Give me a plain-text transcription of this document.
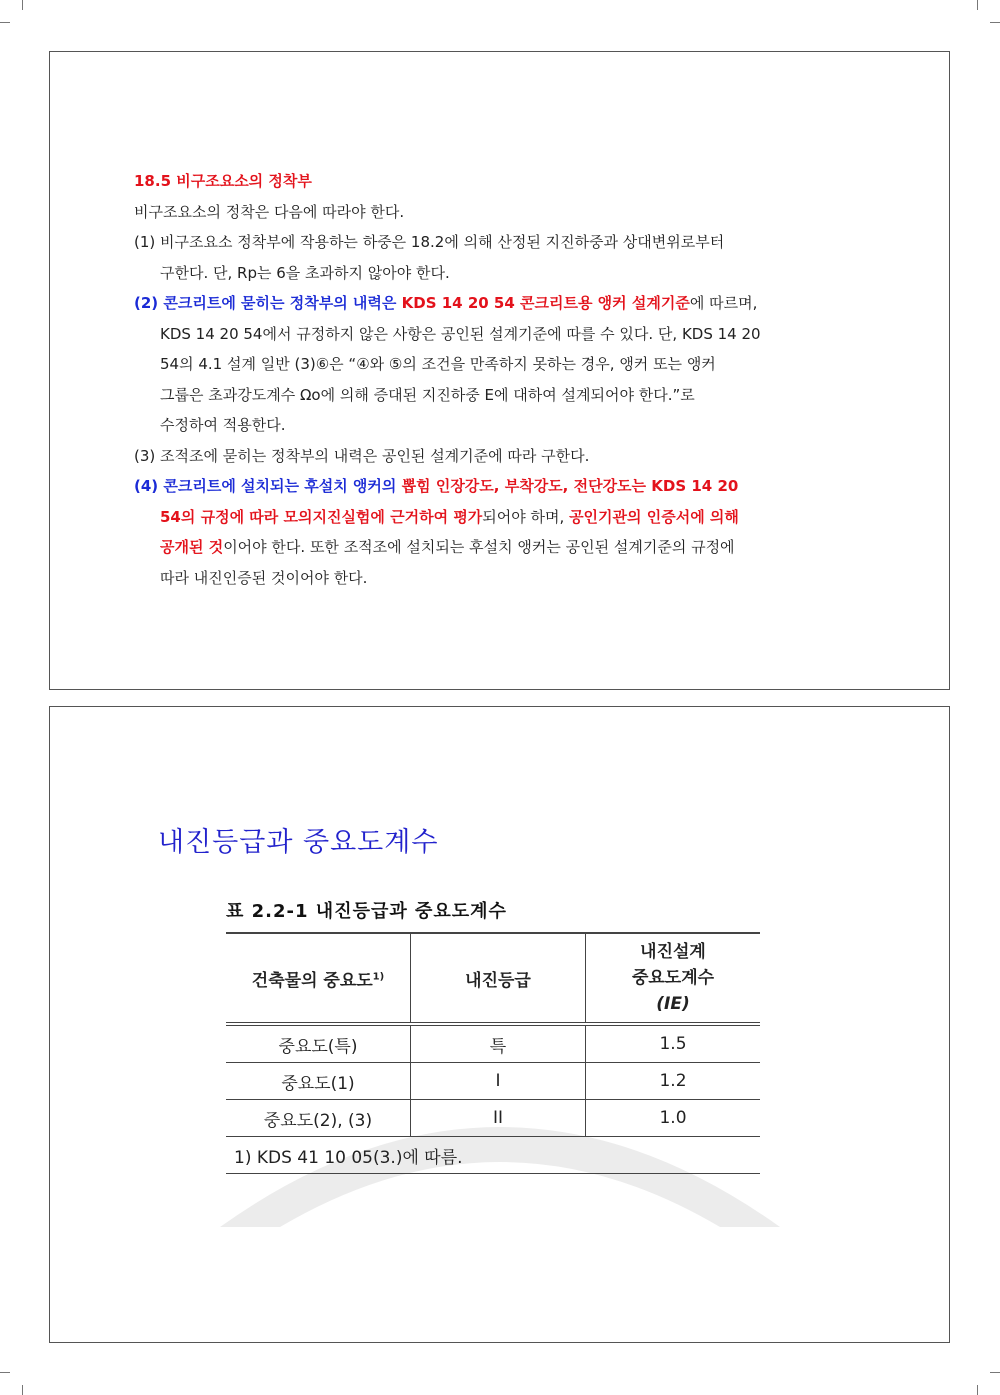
18.5 비구조요소의 정착부

비구조요소의 정착은 다음에 따라야 한다.

(1) 비구조요소 정착부에 작용하는 하중은 18.2에 의해 산정된 지진하중과 상대변위로부터

구한다. 단, Rp는 6을 초과하지 않아야 한다.

(2) 콘크리트에 묻히는 정착부의 내력은 KDS 14 20 54 콘크리트용 앵커 설계기준에 따르며,

KDS 14 20 54에서 규정하지 않은 사항은 공인된 설계기준에 따를 수 있다. 단, KDS 14 20

54의 4.1 설계 일반 (3)⑥은 “④와 ⑤의 조건을 만족하지 못하는 경우, 앵커 또는 앵커

그룹은 초과강도계수 Ωo에 의해 증대된 지진하중 E에 대하여 설계되어야 한다.”로

수정하여 적용한다.

(3) 조적조에 묻히는 정착부의 내력은 공인된 설계기준에 따라 구한다.

(4) 콘크리트에 설치되는 후설치 앵커의 뽑힘 인장강도, 부착강도, 전단강도는 KDS 14 20

54의 규정에 따라 모의지진실험에 근거하여 평가되어야 하며, 공인기관의 인증서에 의해

공개된 것이어야 한다. 또한 조적조에 설치되는 후설치 앵커는 공인된 설계기준의 규정에

따라 내진인증된 것이어야 한다.

내진등급과 중요도계수
표 2.2-1 내진등급과 중요도계수
건축물의 중요도$^{1)}$	내진등급	내진설계
중요도계수
(IE)

중요도(특)	특	1.5
중요도(1)	I	1.2
중요도(2), (3)	II	1.0
1) KDS 41 10 05(3.)에 따름.		
